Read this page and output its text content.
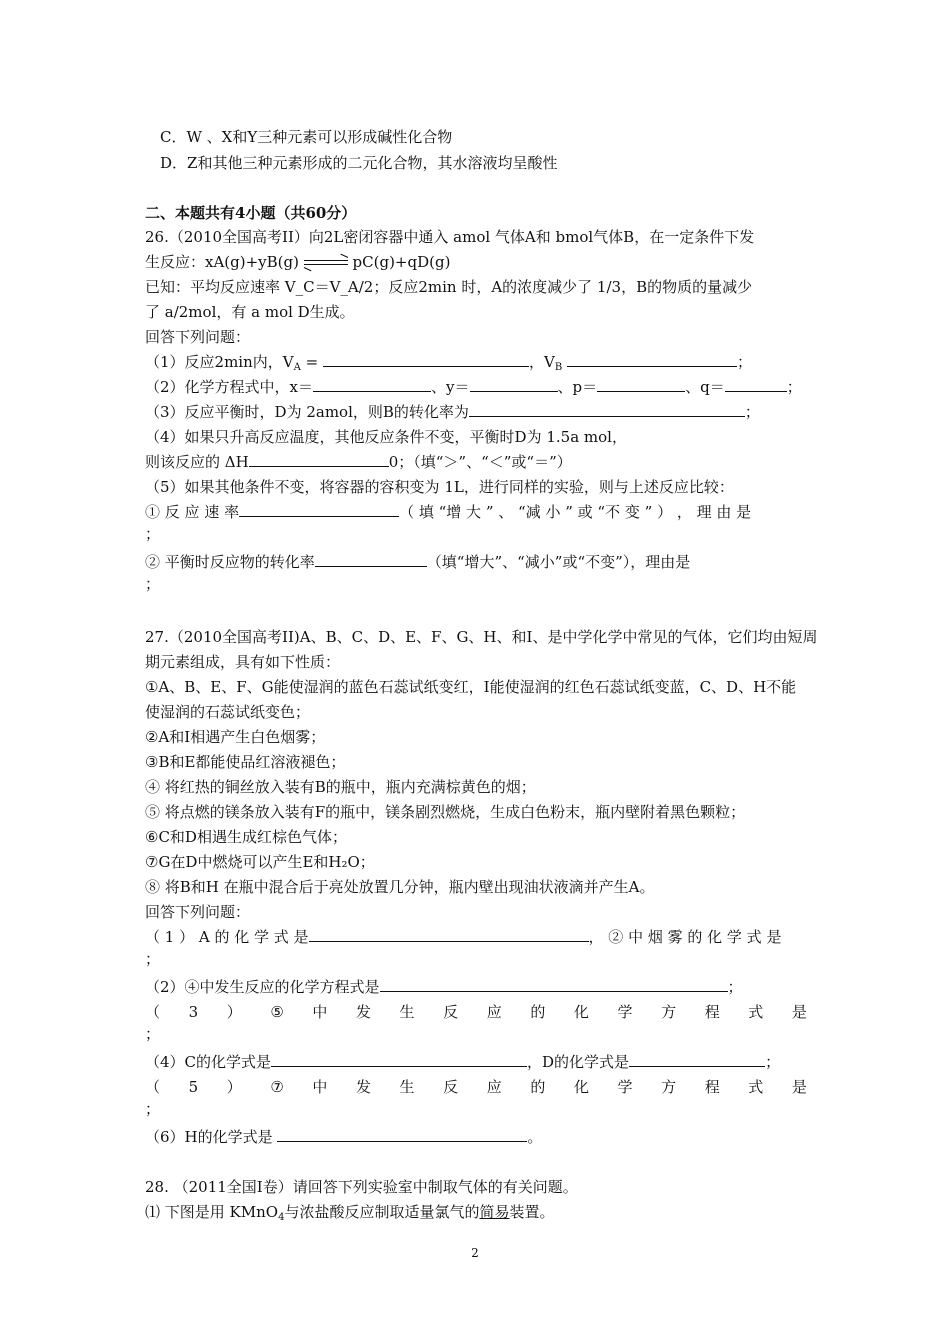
C．W 、X和Y三种元素可以形成碱性化合物
D．Z和其他三种元素形成的二元化合物，其水溶液均呈酸性
二、本题共有4小题（共60分）
26.（2010全国高考II）向2L密闭容器中通入 amol 气体A和 bmol气体B，在一定条件下发
生反应：xA(g)+yB(g)	pC(g)+qD(g)
已知：平均反应速率 V_C＝V_A/2；反应2min 时，A的浓度减少了 1/3，B的物质的量减少
了 a/2mol，有 a mol D生成。
回答下列问题：
（1）反应2min内，$V_A$ =	，$V_B$	；
（2）化学方程式中，x＝	、y＝	、p＝	、q＝	；
（3）反应平衡时，D为 2amol，则B的转化率为	；
（4）如果只升高反应温度，其他反应条件不变，平衡时D为 1.5a mol，
则该反应的 ΔH	0；（填“＞”、“＜”或“＝”）
（5）如果其他条件不变，将容器的容积变为 1L，进行同样的实验，则与上述反应比较：
① 反 应 速 率	（ 填 “增 大 ” 、 “减 小 ” 或 “不 变 ” ） ， 理 由 是
；
② 平衡时反应物的转化率	（填“增大”、“减小”或“不变”），理由是
；
27.（2010全国高考II)A、B、C、D、E、F、G、H、和I、是中学化学中常见的气体，它们均由短周
期元素组成，具有如下性质：
①A、B、E、F、G能使湿润的蓝色石蕊试纸变红，I能使湿润的红色石蕊试纸变蓝，C、D、H不能
使湿润的石蕊试纸变色；
②A和I相遇产生白色烟雾；
③B和E都能使品红溶液褪色；
④ 将红热的铜丝放入装有B的瓶中，瓶内充满棕黄色的烟；
⑤ 将点燃的镁条放入装有F的瓶中，镁条剧烈燃烧，生成白色粉末，瓶内壁附着黑色颗粒；
⑥C和D相遇生成红棕色气体；
⑦G在D中燃烧可以产生E和H₂O；
⑧ 将B和H 在瓶中混合后于亮处放置几分钟，瓶内壁出现油状液滴并产生A。
回答下列问题：
（ 1 ） A 的 化 学 式 是	， ② 中 烟 雾 的 化 学 式 是
；
（2）④中发生反应的化学方程式是	；
（ 3 ） ⑤ 中 发 生 反 应 的 化 学 方 程 式 是
；
（4）C的化学式是	，D的化学式是	；
（ 5 ） ⑦ 中 发 生 反 应 的 化 学 方 程 式 是
；
（6）H的化学式是	。
28. （2011全国Ⅰ卷）请回答下列实验室中制取气体的有关问题。
⑴ 下图是用 KMnO$_4$与浓盐酸反应制取适量氯气的简易装置。
2
